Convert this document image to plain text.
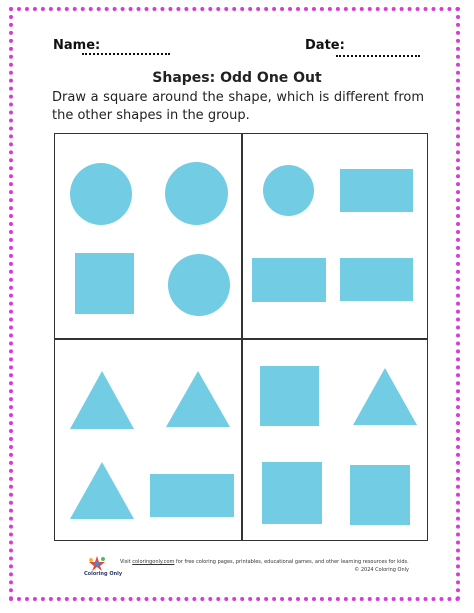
Name:	Date:
Shapes: Odd One Out
Draw a square around the shape, which is different from the other shapes in the group.
Coloring Only
Visit coloringonly.com for free coloring pages, printables, educational games, and other learning resources for kids.
© 2024 Coloring Only
